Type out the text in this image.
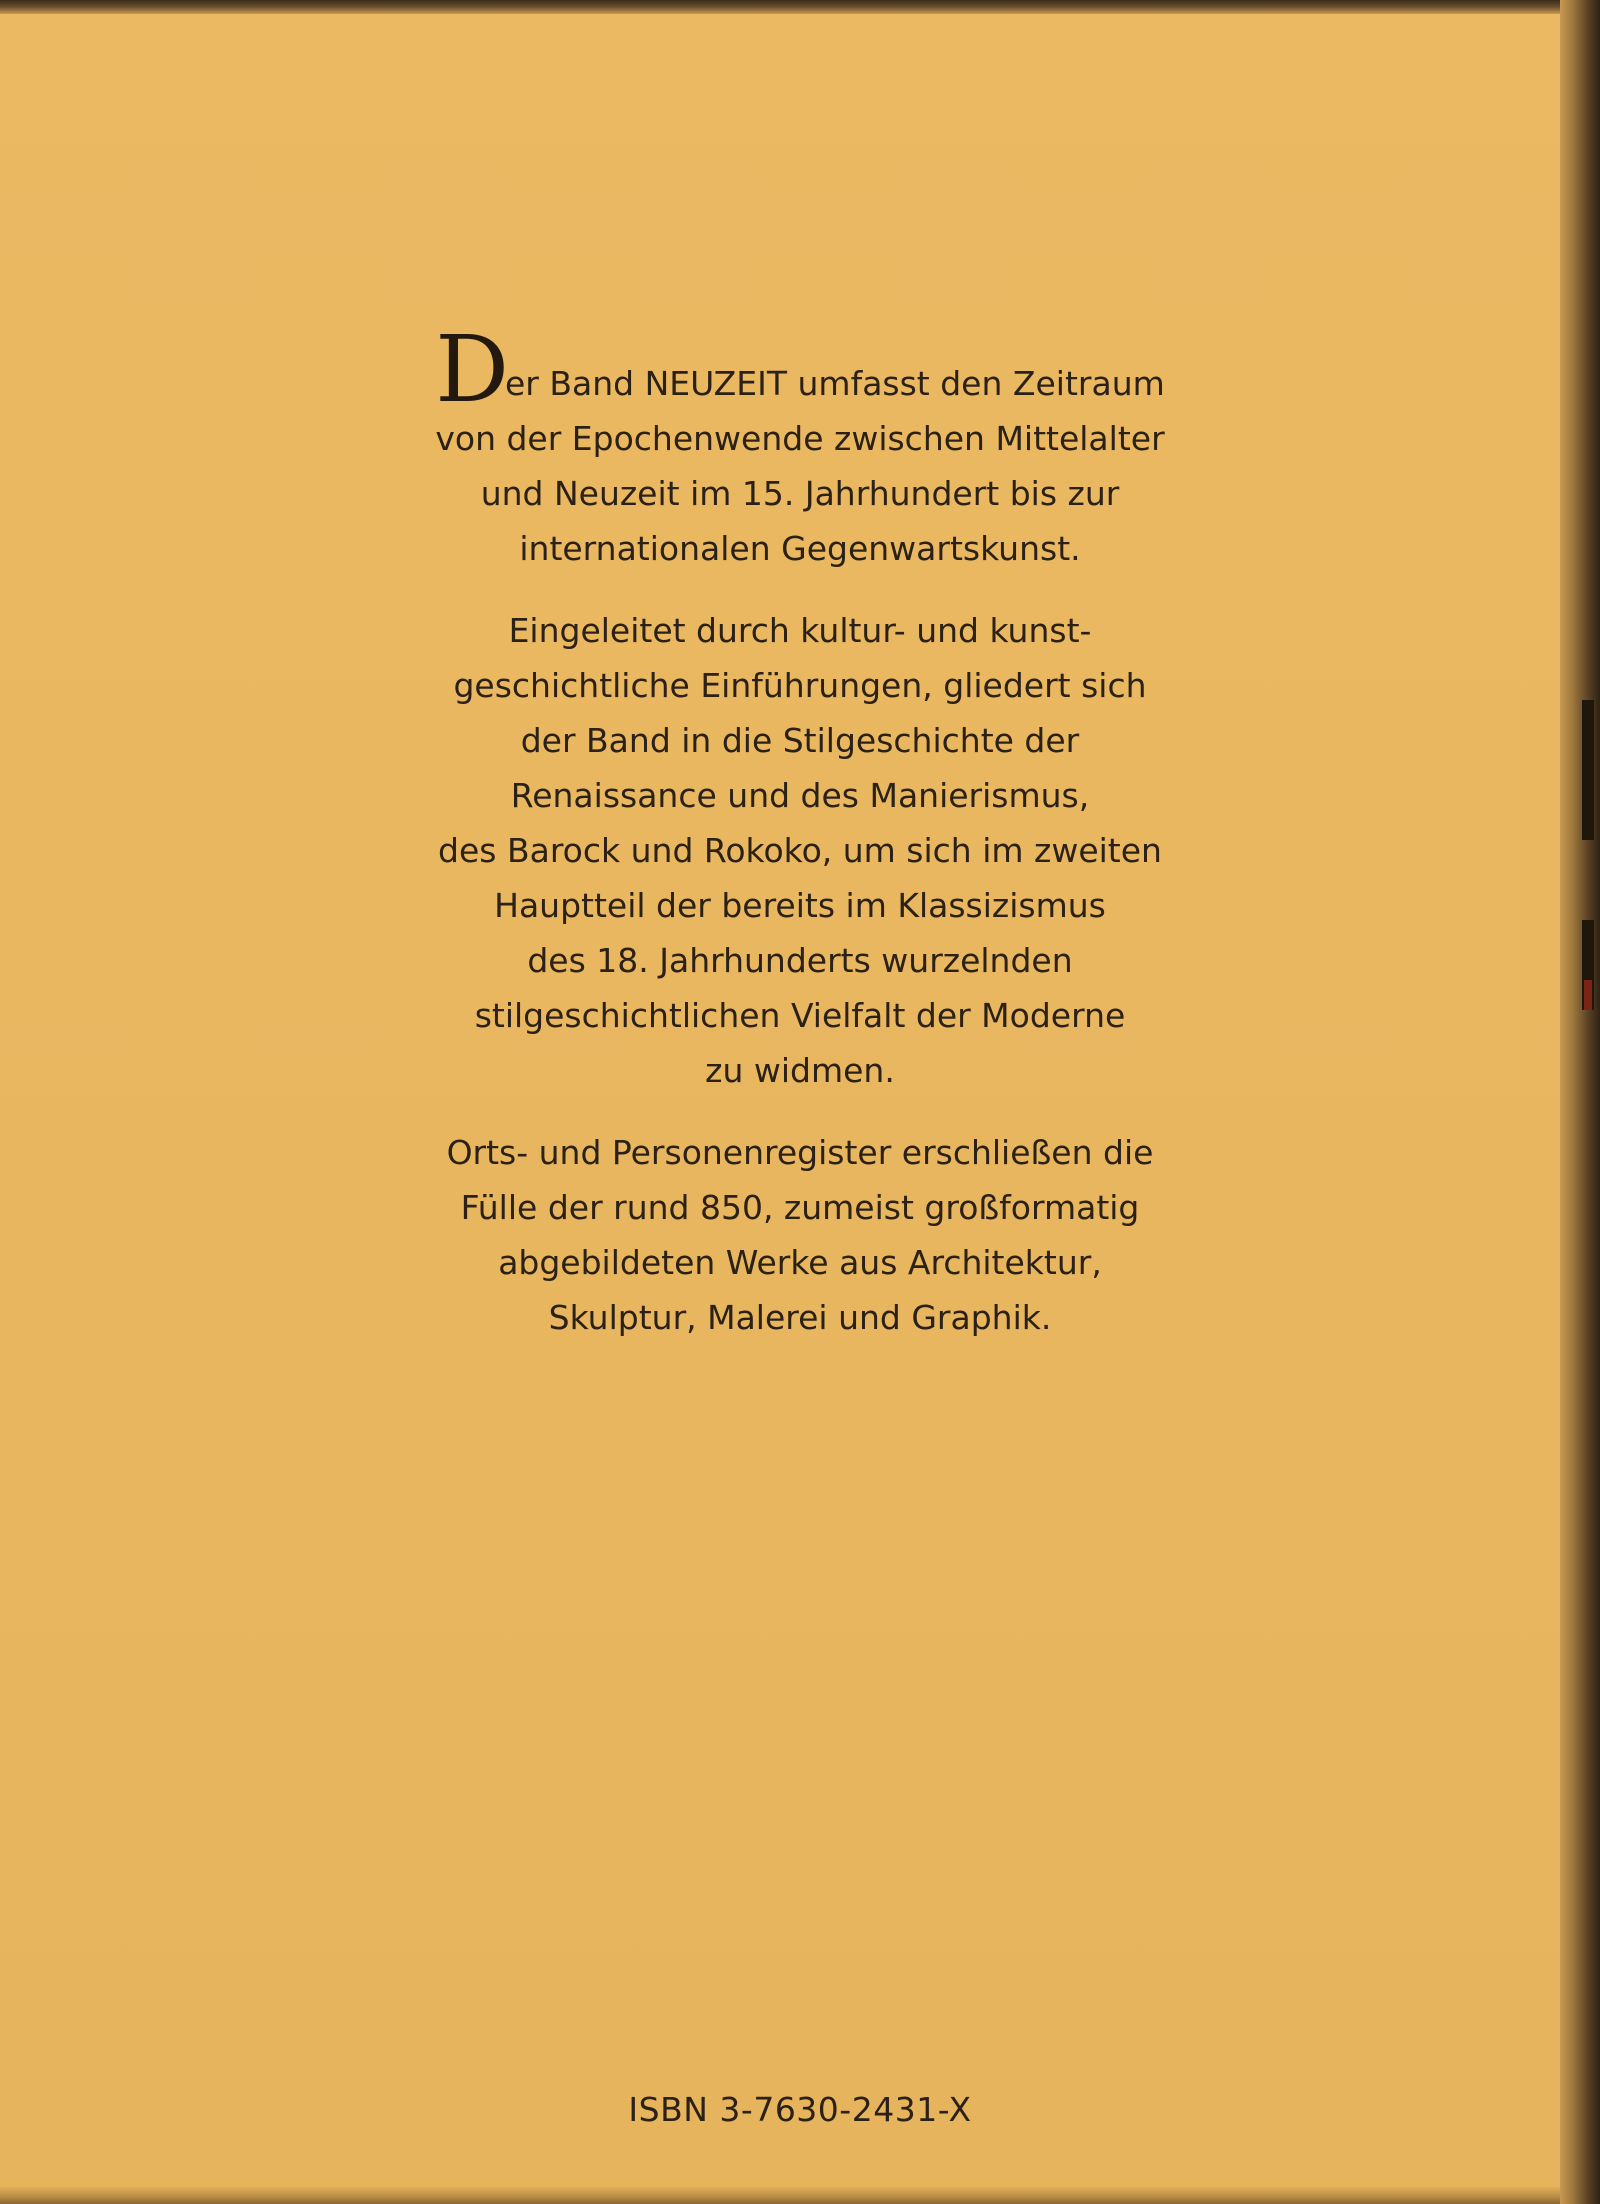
Der Band NEUZEIT umfasst den Zeitraum
von der Epochenwende zwischen Mittelalter
und Neuzeit im 15. Jahrhundert bis zur
internationalen Gegenwartskunst.

Eingeleitet durch kultur- und kunst-
geschichtliche Einführungen, gliedert sich
der Band in die Stilgeschichte der
Renaissance und des Manierismus,
des Barock und Rokoko, um sich im zweiten
Hauptteil der bereits im Klassizismus
des 18. Jahrhunderts wurzelnden
stilgeschichtlichen Vielfalt der Moderne
zu widmen.

Orts- und Personenregister erschließen die
Fülle der rund 850, zumeist großformatig
abgebildeten Werke aus Architektur,
Skulptur, Malerei und Graphik.

ISBN 3-7630-2431-X
